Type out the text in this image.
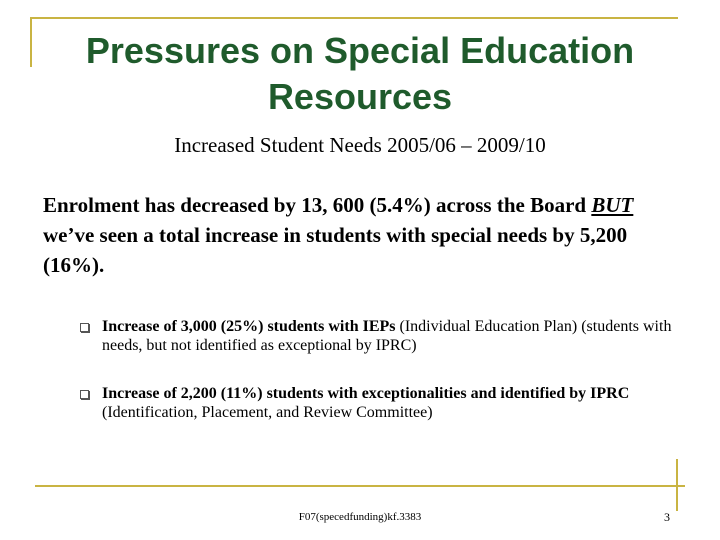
Pressures on Special Education
Resources
Increased Student Needs 2005/06 – 2009/10
Enrolment has decreased by 13, 600 (5.4%) across the Board BUT we’ve seen a total increase in students with special needs by 5,200 (16%).
Increase of 3,000 (25%) students with IEPs (Individual Education Plan) (students with needs, but not identified as exceptional by IPRC)
Increase of 2,200 (11%) students with exceptionalities and identified by IPRC (Identification, Placement, and Review Committee)
F07(specedfunding)kf.3383	3
